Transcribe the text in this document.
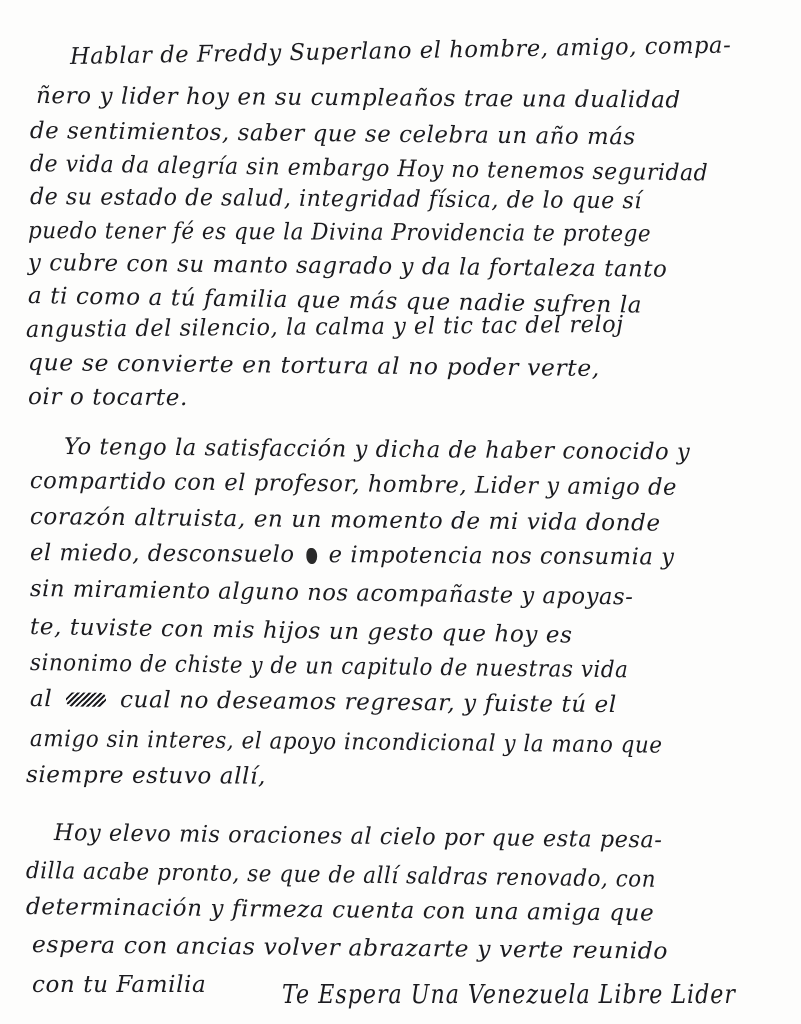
Hablar de Freddy Superlano el hombre, amigo, compa-
ñero y lider hoy en su cumpleaños trae una dualidad
de sentimientos, saber que se celebra un año más
de vida da alegría sin embargo Hoy no tenemos seguridad
de su estado de salud, integridad física, de lo que sí
puedo tener fé es que la Divina Providencia te protege
y cubre con su manto sagrado y da la fortaleza tanto
a ti como a tú familia que más que nadie sufren la
angustia del silencio, la calma y el tic tac del reloj
que se convierte en tortura al no poder verte,
oir o tocarte.
Yo tengo la satisfacción y dicha de haber conocido y
compartido con el profesor, hombre, Lider y amigo de
corazón altruista, en un momento de mi vida donde
el miedo, desconsuelo e impotencia nos consumia y
sin miramiento alguno nos acompañaste y apoyas-
te, tuviste con mis hijos un gesto que hoy es
sinonimo de chiste y de un capitulo de nuestras vida
al	cual no deseamos regresar, y fuiste tú el
amigo sin interes, el apoyo incondicional y la mano que
siempre estuvo allí,
Hoy elevo mis oraciones al cielo por que esta pesa-
dilla acabe pronto, se que de allí saldras renovado, con
determinación y firmeza cuenta con una amiga que
espera con ancias volver abrazarte y verte reunido
con tu Familia	Te Espera Una Venezuela Libre Lider
